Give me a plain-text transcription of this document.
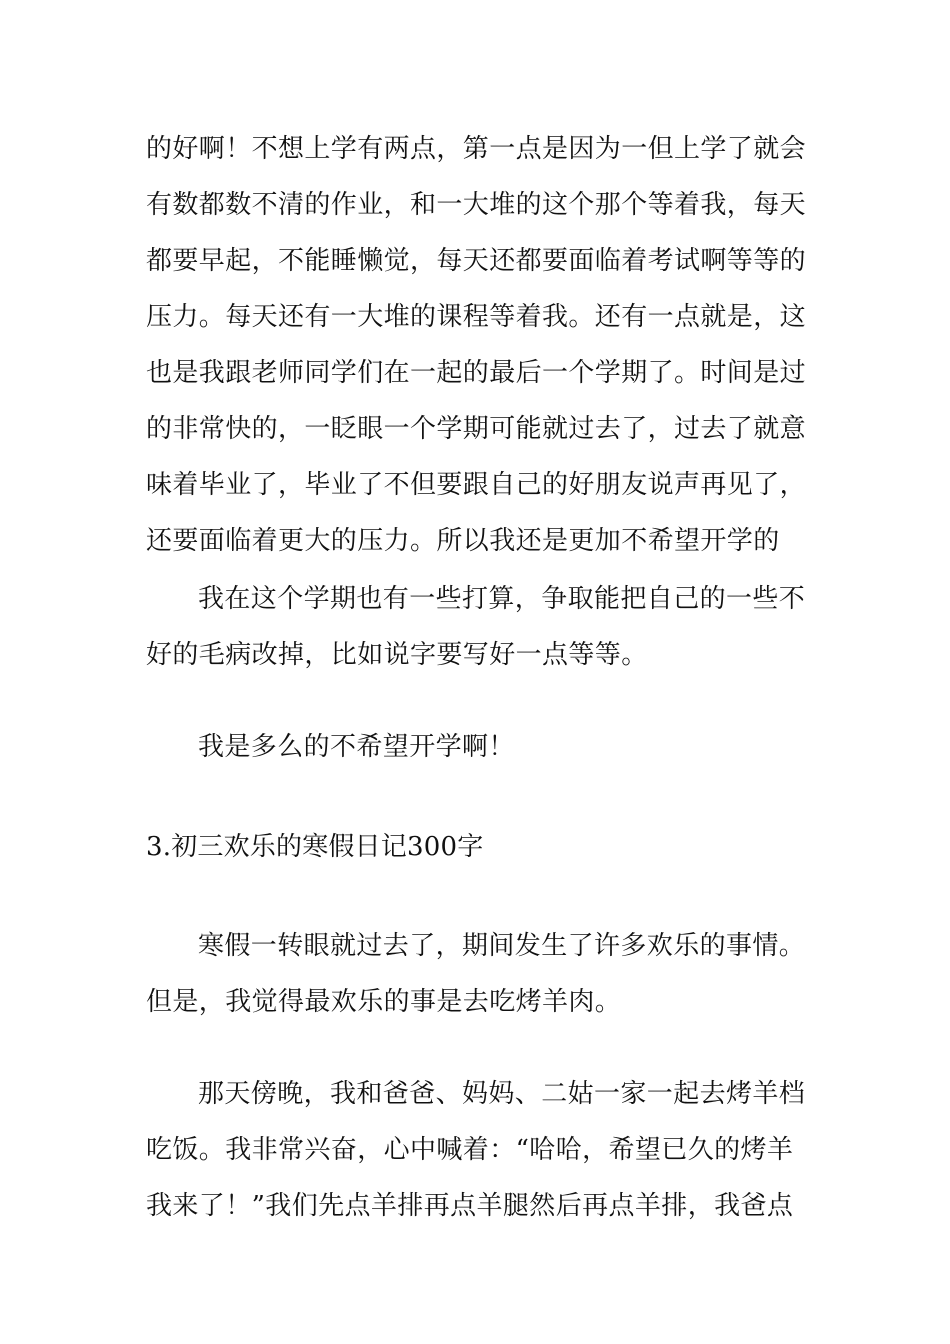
的好啊！不想上学有两点，第一点是因为一但上学了就会
有数都数不清的作业，和一大堆的这个那个等着我，每天
都要早起，不能睡懒觉，每天还都要面临着考试啊等等的
压力。每天还有一大堆的课程等着我。还有一点就是，这
也是我跟老师同学们在一起的最后一个学期了。时间是过
的非常快的，一眨眼一个学期可能就过去了，过去了就意
味着毕业了，毕业了不但要跟自己的好朋友说声再见了，
还要面临着更大的压力。所以我还是更加不希望开学的
我在这个学期也有一些打算，争取能把自己的一些不
好的毛病改掉，比如说字要写好一点等等。
我是多么的不希望开学啊！
3.初三欢乐的寒假日记300字
寒假一转眼就过去了，期间发生了许多欢乐的事情。
但是，我觉得最欢乐的事是去吃烤羊肉。
那天傍晚，我和爸爸、妈妈、二姑一家一起去烤羊档
吃饭。我非常兴奋，心中喊着：“哈哈，希望已久的烤羊
我来了！”我们先点羊排再点羊腿然后再点羊排，我爸点
